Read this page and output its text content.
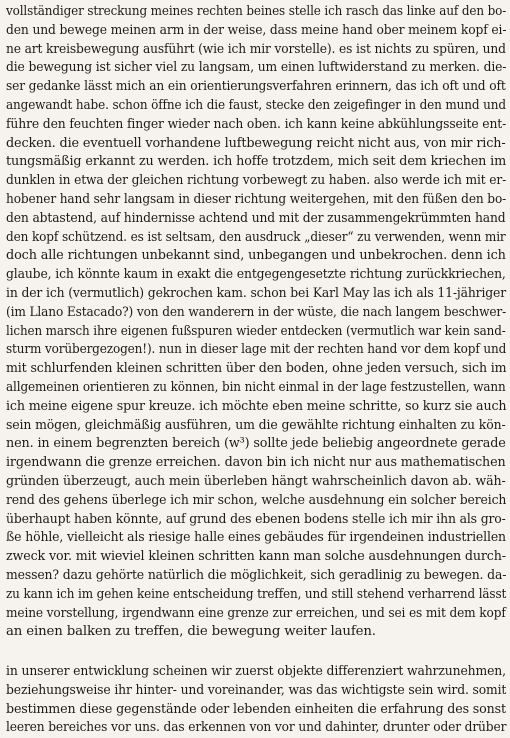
vollständiger streckung meines rechten beines stelle ich rasch das linke auf den bo-
den und bewege meinen arm in der weise, dass meine hand ober meinem kopf ei-
ne art kreisbewegung ausführt (wie ich mir vorstelle). es ist nichts zu spüren, und
die bewegung ist sicher viel zu langsam, um einen luftwiderstand zu merken. die-
ser gedanke lässt mich an ein orientierungsverfahren erinnern, das ich oft und oft
angewandt habe. schon öffne ich die faust, stecke den zeigefinger in den mund und
führe den feuchten finger wieder nach oben. ich kann keine abkühlungsseite ent-
decken. die eventuell vorhandene luftbewegung reicht nicht aus, von mir rich-
tungsmäßig erkannt zu werden. ich hoffe trotzdem, mich seit dem kriechen im
dunklen in etwa der gleichen richtung vorbewegt zu haben. also werde ich mit er-
hobener hand sehr langsam in dieser richtung weitergehen, mit den füßen den bo-
den abtastend, auf hindernisse achtend und mit der zusammengekrümmten hand
den kopf schützend. es ist seltsam, den ausdruck „dieser“ zu verwenden, wenn mir
doch alle richtungen unbekannt sind, unbegangen und unbekrochen. denn ich
glaube, ich könnte kaum in exakt die entgegengesetzte richtung zurückkriechen,
in der ich (vermutlich) gekrochen kam. schon bei Karl May las ich als 11-jähriger
(im Llano Estacado?) von den wanderern in der wüste, die nach langem beschwer-
lichen marsch ihre eigenen fußspuren wieder entdecken (vermutlich war kein sand-
sturm vorübergezogen!). nun in dieser lage mit der rechten hand vor dem kopf und
mit schlurfenden kleinen schritten über den boden, ohne jeden versuch, sich im
allgemeinen orientieren zu können, bin nicht einmal in der lage festzustellen, wann
ich meine eigene spur kreuze. ich möchte eben meine schritte, so kurz sie auch
sein mögen, gleichmäßig ausführen, um die gewählte richtung einhalten zu kön-
nen. in einem begrenzten bereich (w³) sollte jede beliebig angeordnete gerade
irgendwann die grenze erreichen. davon bin ich nicht nur aus mathematischen
gründen überzeugt, auch mein überleben hängt wahrscheinlich davon ab. wäh-
rend des gehens überlege ich mir schon, welche ausdehnung ein solcher bereich
überhaupt haben könnte, auf grund des ebenen bodens stelle ich mir ihn als gro-
ße höhle, vielleicht als riesige halle eines gebäudes für irgendeinen industriellen
zweck vor. mit wieviel kleinen schritten kann man solche ausdehnungen durch-
messen? dazu gehörte natürlich die möglichkeit, sich geradlinig zu bewegen. da-
zu kann ich im gehen keine entscheidung treffen, und still stehend verharrend lässt
meine vorstellung, irgendwann eine grenze zur erreichen, und sei es mit dem kopf
an einen balken zu treffen, die bewegung weiter laufen.
in unserer entwicklung scheinen wir zuerst objekte differenziert wahrzunehmen,
beziehungsweise ihr hinter- und voreinander, was das wichtigste sein wird. somit
bestimmen diese gegenstände oder lebenden einheiten die erfahrung des sonst
leeren bereiches vor uns. das erkennen von vor und dahinter, drunter oder drüber
